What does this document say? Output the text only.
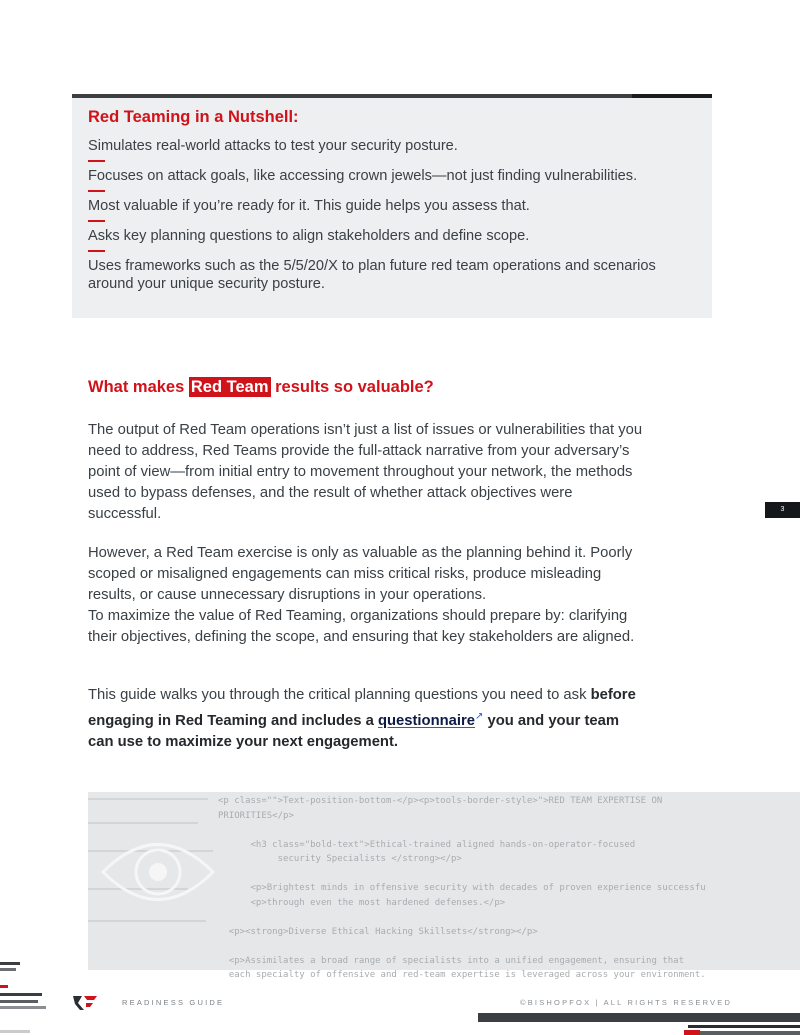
Red Teaming in a Nutshell:
Simulates real-world attacks to test your security posture.
Focuses on attack goals, like accessing crown jewels—not just finding vulnerabilities.
Most valuable if you’re ready for it. This guide helps you assess that.
Asks key planning questions to align stakeholders and define scope.
Uses frameworks such as the 5/5/20/X to plan future red team operations and scenarios around your unique security posture.
What makes Red Team results so valuable?

The output of Red Team operations isn’t just a list of issues or vulnerabilities that you need to address, Red Teams provide the full-attack narrative from your adversary’s point of view—from initial entry to movement throughout your network, the methods used to bypass defenses, and the result of whether attack objectives were successful.

However, a Red Team exercise is only as valuable as the planning behind it. Poorly scoped or misaligned engagements can miss critical risks, produce misleading results, or cause unnecessary disruptions in your operations.
To maximize the value of Red Teaming, organizations should prepare by: clarifying their objectives, defining the scope, and ensuring that key stakeholders are aligned.

This guide walks you through the critical planning questions you need to ask before engaging in Red Teaming and includes a questionnaire↗ you and your team can use to maximize your next engagement.

3
<p class="">Text-position-bottom-</p><p>tools-border-style>">RED TEAM EXPERTISE ON
PRIORITIES</p>

<h3 class="bold-text">Ethical-trained aligned hands-on-operator-focused
security Specialists </strong></p>

<p>Brightest minds in offensive security with decades of proven experience successfu
<p>through even the most hardened defenses.</p>

<p><strong>Diverse Ethical Hacking Skillsets</strong></p>

<p>Assimilates a broad range of specialists into a unified engagement, ensuring that
each specialty of offensive and red-team expertise is leveraged across your environment.
READINESS GUIDE	©BISHOPFOX | ALL RIGHTS RESERVED
